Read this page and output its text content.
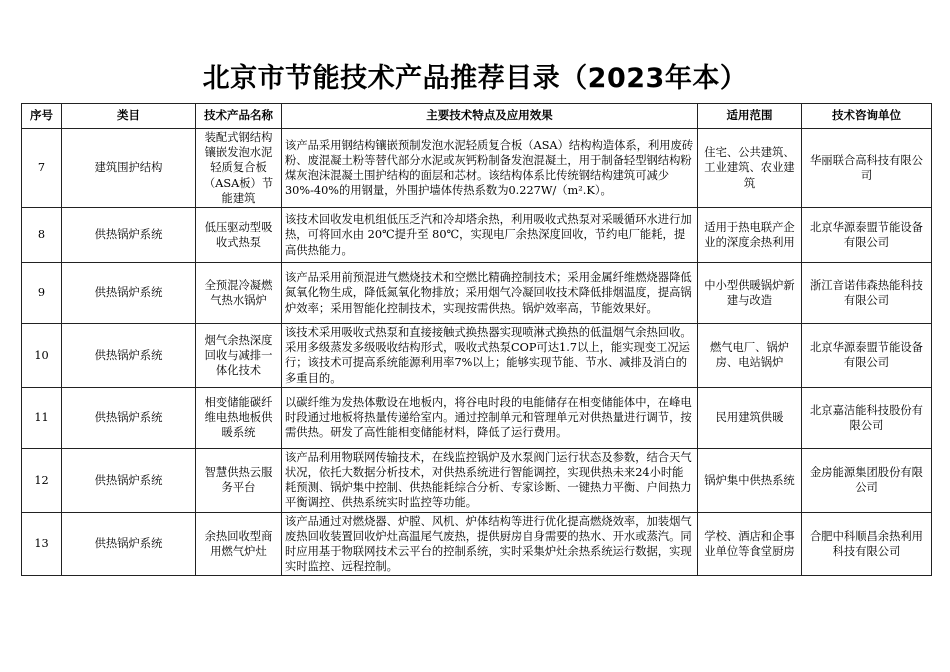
北京市节能技术产品推荐目录（2023年本）
序号	类目	技术产品名称	主要技术特点及应用效果	适用范围	技术咨询单位
7	建筑围护结构	装配式钢结构镶嵌发泡水泥轻质复合板（ASA板）节能建筑	该产品采用钢结构镶嵌预制发泡水泥轻质复合板（ASA）结构构造体系，利用废砖粉、废混凝土粉等替代部分水泥或灰钙粉制备发泡混凝土，用于制备轻型钢结构粉煤灰泡沫混凝土围护结构的面层和芯材。该结构体系比传统钢结构建筑可减少30%-40%的用钢量，外围护墙体传热系数为0.227W/（m².K）。	住宅、公共建筑、工业建筑、农业建筑	华丽联合高科技有限公司
8	供热锅炉系统	低压驱动型吸收式热泵	该技术回收发电机组低压乏汽和冷却塔余热，利用吸收式热泵对采暖循环水进行加热，可将回水由 20℃提升至 80℃，实现电厂余热深度回收，节约电厂能耗，提高供热能力。	适用于热电联产企业的深度余热利用	北京华源泰盟节能设备有限公司
9	供热锅炉系统	全预混冷凝燃气热水锅炉	该产品采用前预混进气燃烧技术和空燃比精确控制技术；采用金属纤维燃烧器降低氮氧化物生成，降低氮氧化物排放；采用烟气冷凝回收技术降低排烟温度，提高锅炉效率；采用智能化控制技术，实现按需供热。锅炉效率高，节能效果好。	中小型供暖锅炉新建与改造	浙江音诺伟森热能科技有限公司
10	供热锅炉系统	烟气余热深度回收与减排一体化技术	该技术采用吸收式热泵和直接接触式换热器实现喷淋式换热的低温烟气余热回收。采用多级蒸发多级吸收结构形式，吸收式热泵COP可达1.7以上，能实现变工况运行；该技术可提高系统能源利用率7%以上；能够实现节能、节水、减排及消白的多重目的。	燃气电厂、锅炉房、电站锅炉	北京华源泰盟节能设备有限公司
11	供热锅炉系统	相变储能碳纤维电热地板供暖系统	以碳纤维为发热体敷设在地板内，将谷电时段的电能储存在相变储能体中，在峰电时段通过地板将热量传递给室内。通过控制单元和管理单元对供热量进行调节，按需供热。研发了高性能相变储能材料，降低了运行费用。	民用建筑供暖	北京嘉洁能科技股份有限公司
12	供热锅炉系统	智慧供热云服务平台	该产品利用物联网传输技术，在线监控锅炉及水泵阀门运行状态及参数，结合天气状况，依托大数据分析技术，对供热系统进行智能调控，实现供热未来24小时能耗预测、锅炉集中控制、供热能耗综合分析、专家诊断、一键热力平衡、户间热力平衡调控、供热系统实时监控等功能。	锅炉集中供热系统	金房能源集团股份有限公司
13	供热锅炉系统	余热回收型商用燃气炉灶	该产品通过对燃烧器、炉膛、风机、炉体结构等进行优化提高燃烧效率，加装烟气废热回收装置回收炉灶高温尾气废热，提供厨房自身需要的热水、开水或蒸汽。同时应用基于物联网技术云平台的控制系统，实时采集炉灶余热系统运行数据，实现实时监控、远程控制。	学校、酒店和企事业单位等食堂厨房	合肥中科顺昌余热利用科技有限公司
